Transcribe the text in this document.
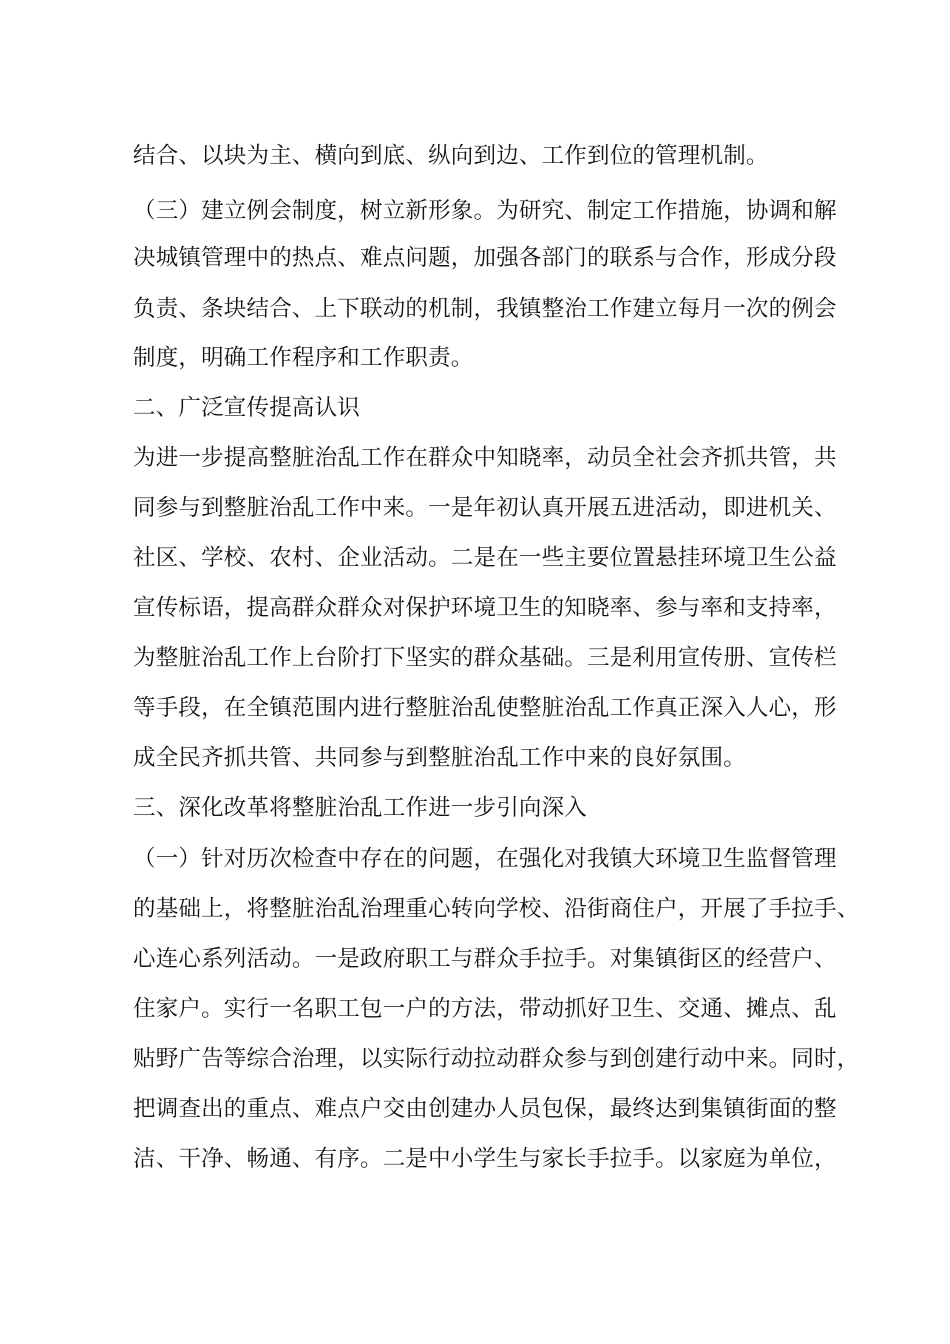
结合、以块为主、横向到底、纵向到边、工作到位的管理机制。
（三）建立例会制度，树立新形象。为研究、制定工作措施，协调和解
决城镇管理中的热点、难点问题，加强各部门的联系与合作，形成分段
负责、条块结合、上下联动的机制，我镇整治工作建立每月一次的例会
制度，明确工作程序和工作职责。
二、广泛宣传提高认识
为进一步提高整脏治乱工作在群众中知晓率，动员全社会齐抓共管，共
同参与到整脏治乱工作中来。一是年初认真开展五进活动，即进机关、
社区、学校、农村、企业活动。二是在一些主要位置悬挂环境卫生公益
宣传标语，提高群众群众对保护环境卫生的知晓率、参与率和支持率，
为整脏治乱工作上台阶打下坚实的群众基础。三是利用宣传册、宣传栏
等手段，在全镇范围内进行整脏治乱使整脏治乱工作真正深入人心，形
成全民齐抓共管、共同参与到整脏治乱工作中来的良好氛围。
三、深化改革将整脏治乱工作进一步引向深入
（一）针对历次检查中存在的问题，在强化对我镇大环境卫生监督管理
的基础上，将整脏治乱治理重心转向学校、沿街商住户，开展了手拉手、
心连心系列活动。一是政府职工与群众手拉手。对集镇街区的经营户、
住家户。实行一名职工包一户的方法，带动抓好卫生、交通、摊点、乱
贴野广告等综合治理，以实际行动拉动群众参与到创建行动中来。同时，
把调查出的重点、难点户交由创建办人员包保，最终达到集镇街面的整
洁、干净、畅通、有序。二是中小学生与家长手拉手。以家庭为单位，
